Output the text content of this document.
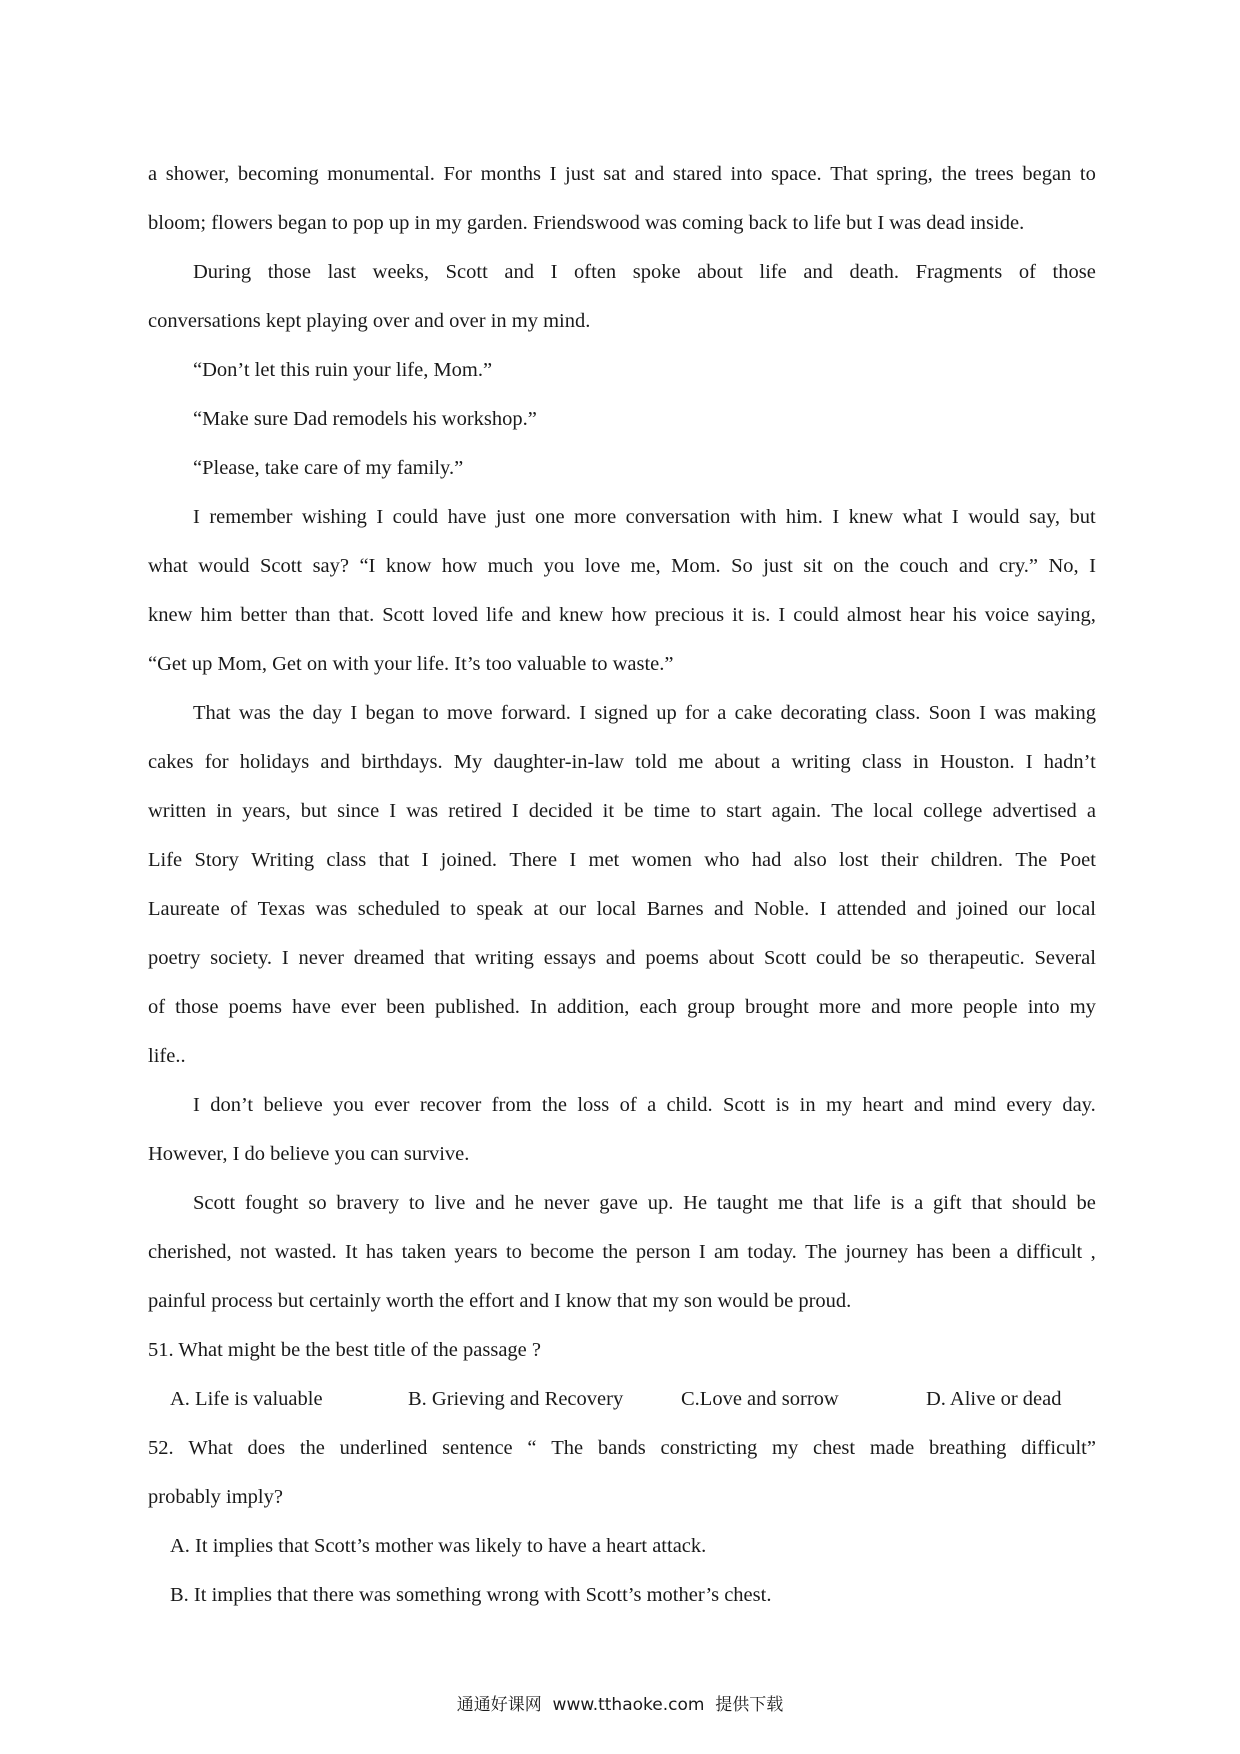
a shower, becoming monumental. For months I just sat and stared into space. That spring, the trees began to
bloom; flowers began to pop up in my garden. Friendswood was coming back to life but I was dead inside.
During those last weeks, Scott and I often spoke about life and death. Fragments of those
conversations kept playing over and over in my mind.
“Don’t let this ruin your life, Mom.”
“Make sure Dad remodels his workshop.”
“Please, take care of my family.”
I remember wishing I could have just one more conversation with him. I knew what I would say, but
what would Scott say? “I know how much you love me, Mom. So just sit on the couch and cry.” No, I
knew him better than that. Scott loved life and knew how precious it is. I could almost hear his voice saying,
“Get up Mom, Get on with your life. It’s too valuable to waste.”
That was the day I began to move forward. I signed up for a cake decorating class. Soon I was making
cakes for holidays and birthdays. My daughter-in-law told me about a writing class in Houston. I hadn’t
written in years, but since I was retired I decided it be time to start again. The local college advertised a
Life Story Writing class that I joined. There I met women who had also lost their children. The Poet
Laureate of Texas was scheduled to speak at our local Barnes and Noble. I attended and joined our local
poetry society. I never dreamed that writing essays and poems about Scott could be so therapeutic. Several
of those poems have ever been published. In addition, each group brought more and more people into my
life..
I don’t believe you ever recover from the loss of a child. Scott is in my heart and mind every day.
However, I do believe you can survive.
Scott fought so bravery to live and he never gave up. He taught me that life is a gift that should be
cherished, not wasted. It has taken years to become the person I am today. The journey has been a difficult ,
painful process but certainly worth the effort and I know that my son would be proud.
51. What might be the best title of the passage ?
A. Life is valuable	B. Grieving and Recovery	C.Love and sorrow	D. Alive or dead
52. What does the underlined sentence “ The bands constricting my chest made breathing difficult”
probably imply?
A. It implies that Scott’s mother was likely to have a heart attack.
B. It implies that there was something wrong with Scott’s mother’s chest.
通通好课网  www.tthaoke.com  提供下载
